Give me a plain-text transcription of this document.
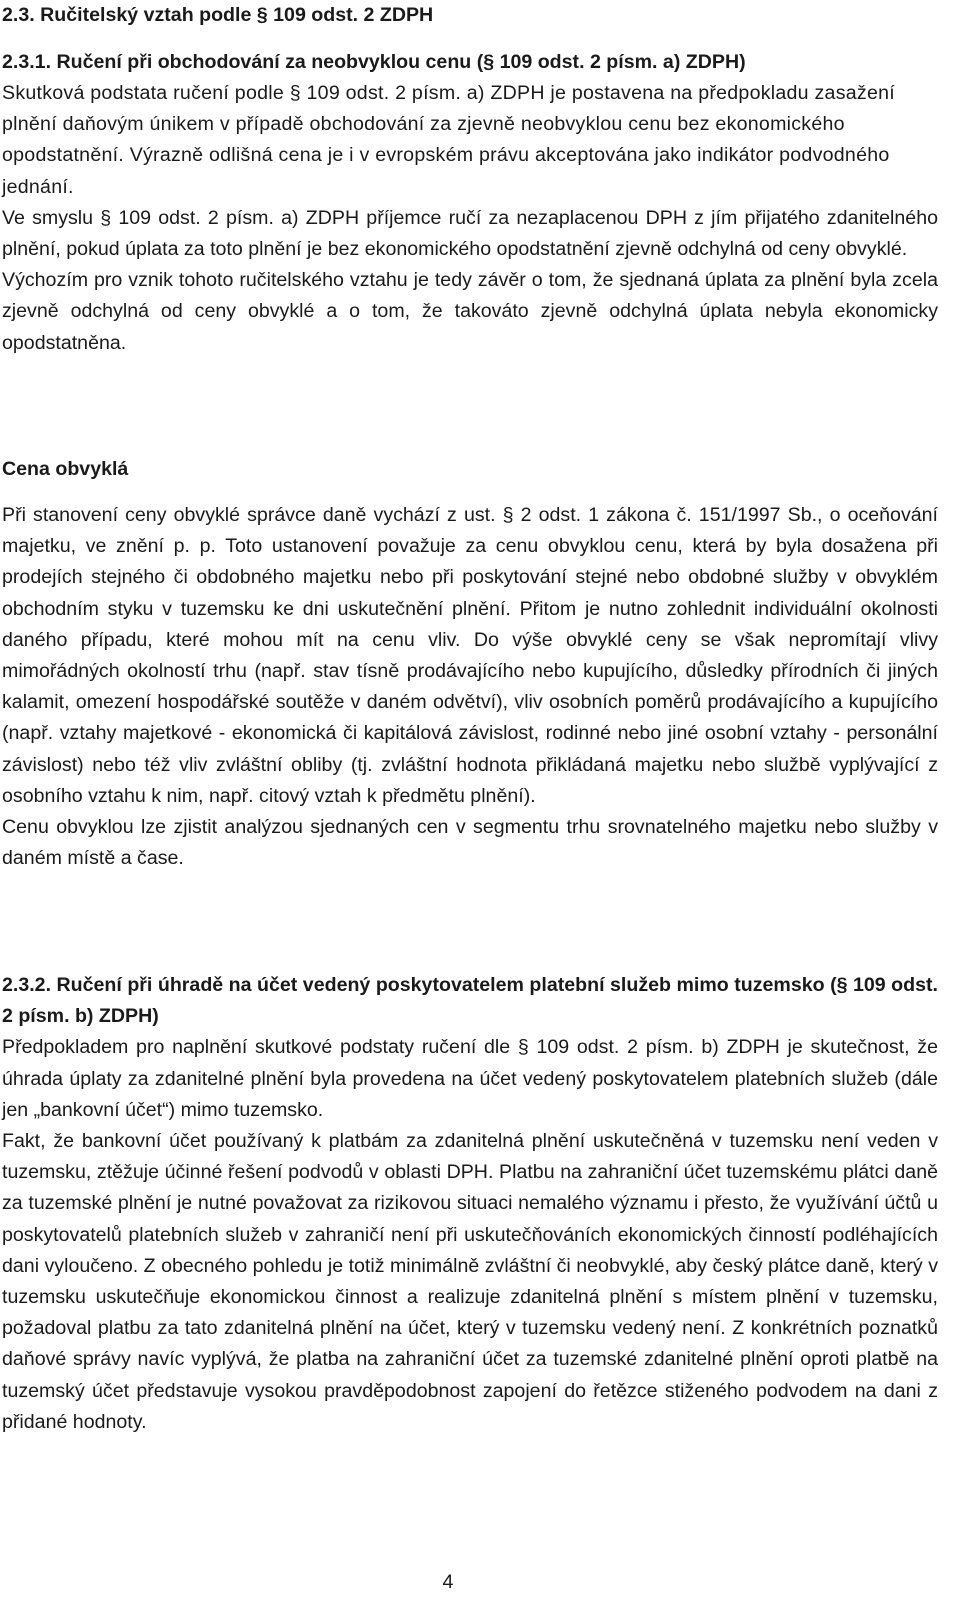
2.3. Ručitelský vztah podle § 109 odst. 2 ZDPH
2.3.1. Ručení při obchodování za neobvyklou cenu (§ 109 odst. 2 písm. a) ZDPH)

Skutková podstata ručení podle § 109 odst. 2 písm. a) ZDPH je postavena na předpokladu zasažení plnění daňovým únikem v případě obchodování za zjevně neobvyklou cenu bez ekonomického opodstatnění. Výrazně odlišná cena je i v evropském právu akceptována jako indikátor podvodného jednání.

Ve smyslu § 109 odst. 2 písm. a) ZDPH příjemce ručí za nezaplacenou DPH z jím přijatého zdanitelného plnění, pokud úplata za toto plnění je bez ekonomického opodstatnění zjevně odchylná od ceny obvyklé.

Výchozím pro vznik tohoto ručitelského vztahu je tedy závěr o tom, že sjednaná úplata za plnění byla zcela zjevně odchylná od ceny obvyklé a o tom, že takováto zjevně odchylná úplata nebyla ekonomicky opodstatněna.

Cena obvyklá

Při stanovení ceny obvyklé správce daně vychází z ust. § 2 odst. 1 zákona č. 151/1997 Sb., o oceňování majetku, ve znění p. p. Toto ustanovení považuje za cenu obvyklou cenu, která by byla dosažena při prodejích stejného či obdobného majetku nebo při poskytování stejné nebo obdobné služby v obvyklém obchodním styku v tuzemsku ke dni uskutečnění plnění. Přitom je nutno zohlednit individuální okolnosti daného případu, které mohou mít na cenu vliv. Do výše obvyklé ceny se však nepromítají vlivy mimořádných okolností trhu (např. stav tísně prodávajícího nebo kupujícího, důsledky přírodních či jiných kalamit, omezení hospodářské soutěže v daném odvětví), vliv osobních poměrů prodávajícího a kupujícího (např. vztahy majetkové - ekonomická či kapitálová závislost, rodinné nebo jiné osobní vztahy - personální závislost) nebo též vliv zvláštní obliby (tj. zvláštní hodnota přikládaná majetku nebo službě vyplývající z osobního vztahu k nim, např. citový vztah k předmětu plnění).

Cenu obvyklou lze zjistit analýzou sjednaných cen v segmentu trhu srovnatelného majetku nebo služby v daném místě a čase.

2.3.2. Ručení při úhradě na účet vedený poskytovatelem platební služeb mimo tuzemsko (§ 109 odst. 2 písm. b) ZDPH)

Předpokladem pro naplnění skutkové podstaty ručení dle § 109 odst. 2 písm. b) ZDPH je skutečnost, že úhrada úplaty za zdanitelné plnění byla provedena na účet vedený poskytovatelem platebních služeb (dále jen „bankovní účet“) mimo tuzemsko.

Fakt, že bankovní účet používaný k platbám za zdanitelná plnění uskutečněná v tuzemsku není veden v tuzemsku, ztěžuje účinné řešení podvodů v oblasti DPH. Platbu na zahraniční účet tuzemskému plátci daně za tuzemské plnění je nutné považovat za rizikovou situaci nemalého významu i přesto, že využívání účtů u poskytovatelů platebních služeb v zahraničí není při uskutečňováních ekonomických činností podléhajících dani vyloučeno. Z obecného pohledu je totiž minimálně zvláštní či neobvyklé, aby český plátce daně, který v tuzemsku uskutečňuje ekonomickou činnost a realizuje zdanitelná plnění s místem plnění v tuzemsku, požadoval platbu za tato zdanitelná plnění na účet, který v tuzemsku vedený není. Z konkrétních poznatků daňové správy navíc vyplývá, že platba na zahraniční účet za tuzemské zdanitelné plnění oproti platbě na tuzemský účet představuje vysokou pravděpodobnost zapojení do řetězce stiženého podvodem na dani z přidané hodnoty.

4
